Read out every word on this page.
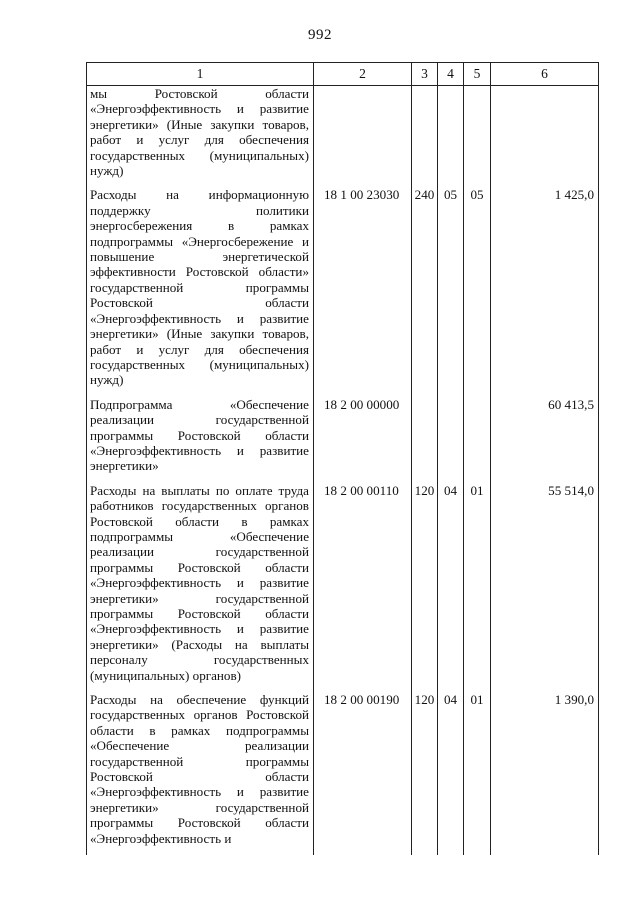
992
1	2	3	4	5	6
мы Ростовской области «Энергоэффективность и развитие энергетики» (Иные закупки товаров, работ и услуг для обеспечения государственных (муниципальных) нужд)					
Расходы на информационную поддержку политики энергосбережения в рамках подпрограммы «Энергосбережение и повышение энергетической эффективности Ростовской области» государственной программы Ростовской области «Энергоэффективность и развитие энергетики» (Иные закупки товаров, работ и услуг для обеспечения государственных (муниципальных) нужд)	18 1 00 23030	240	05	05	1 425,0
Подпрограмма «Обеспечение реализации государственной программы Ростовской области «Энергоэффективность и развитие энергетики»	18 2 00 00000				60 413,5
Расходы на выплаты по оплате труда работников государственных органов Ростовской области в рамках подпрограммы «Обеспечение реализации государственной программы Ростовской области «Энергоэффективность и развитие энергетики» государственной программы Ростовской области «Энергоэффективность и развитие энергетики» (Расходы на выплаты персоналу государственных (муниципальных) органов)	18 2 00 00110	120	04	01	55 514,0
Расходы на обеспечение функций государственных органов Ростовской области в рамках подпрограммы «Обеспечение реализации государственной программы Ростовской области «Энергоэффективность и развитие энергетики» государственной программы Ростовской области «Энергоэффективность и	18 2 00 00190	120	04	01	1 390,0
